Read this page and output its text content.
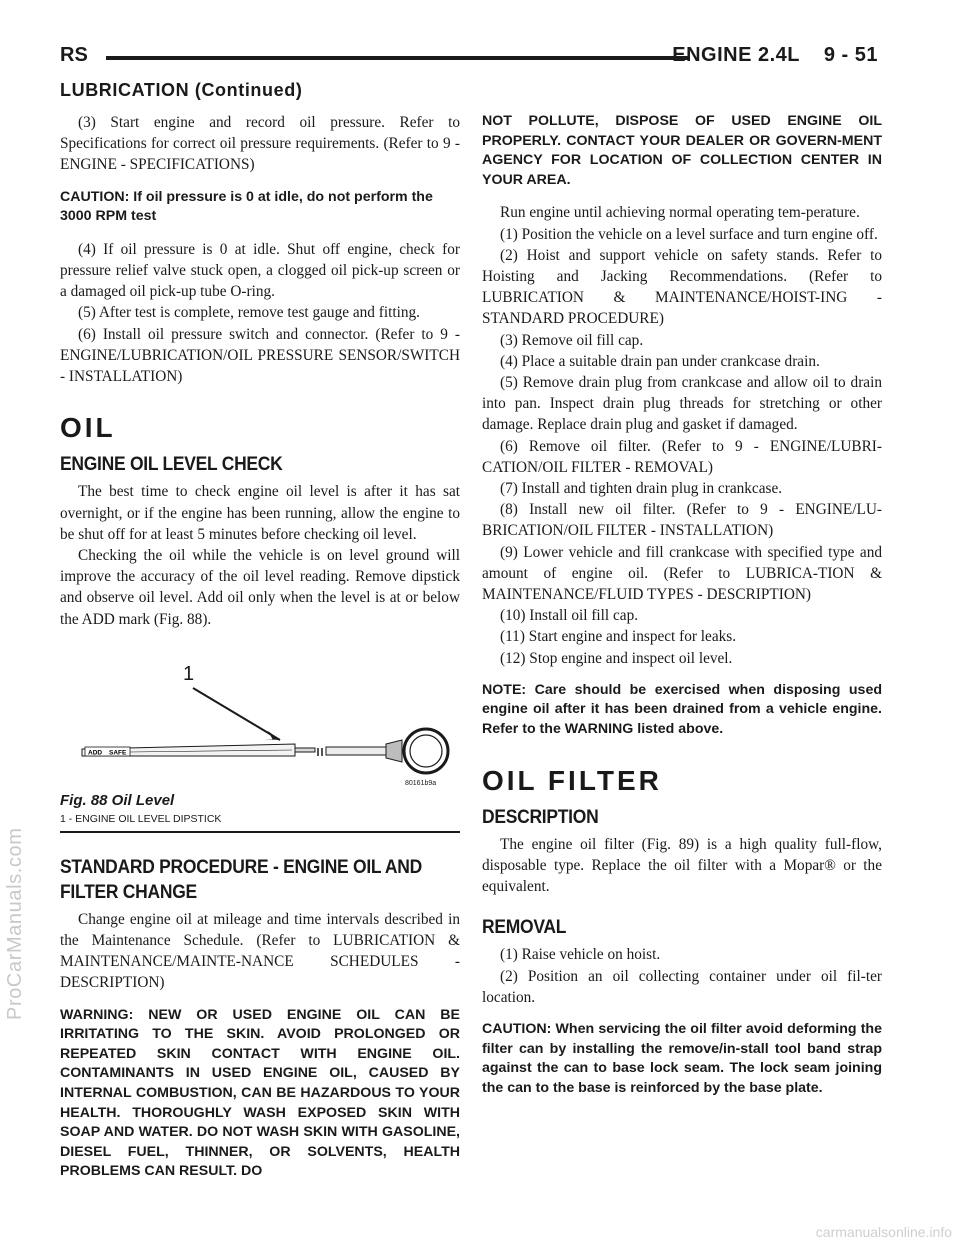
RS	ENGINE 2.4L    9 - 51
LUBRICATION (Continued)

(3) Start engine and record oil pressure. Refer to Specifications for correct oil pressure requirements. (Refer to 9 - ENGINE - SPECIFICATIONS)

CAUTION: If oil pressure is 0 at idle, do not perform the 3000 RPM test

(4) If oil pressure is 0 at idle. Shut off engine, check for pressure relief valve stuck open, a clogged oil pick-up screen or a damaged oil pick-up tube O-ring.

(5) After test is complete, remove test gauge and fitting.

(6) Install oil pressure switch and connector. (Refer to 9 - ENGINE/LUBRICATION/OIL PRESSURE SENSOR/SWITCH - INSTALLATION)

OIL
ENGINE OIL LEVEL CHECK

The best time to check engine oil level is after it has sat overnight, or if the engine has been running, allow the engine to be shut off for at least 5 minutes before checking oil level.

Checking the oil while the vehicle is on level ground will improve the accuracy of the oil level reading. Remove dipstick and observe oil level. Add oil only when the level is at or below the ADD mark (Fig. 88).

1
ADD SAFE
80161b9a
Fig. 88 Oil Level
1 - ENGINE OIL LEVEL DIPSTICK
STANDARD PROCEDURE - ENGINE OIL AND FILTER CHANGE

Change engine oil at mileage and time intervals described in the Maintenance Schedule. (Refer to LUBRICATION & MAINTENANCE/MAINTE-NANCE SCHEDULES - DESCRIPTION)

WARNING: NEW OR USED ENGINE OIL CAN BE IRRITATING TO THE SKIN. AVOID PROLONGED OR REPEATED SKIN CONTACT WITH ENGINE OIL. CONTAMINANTS IN USED ENGINE OIL, CAUSED BY INTERNAL COMBUSTION, CAN BE HAZARDOUS TO YOUR HEALTH. THOROUGHLY WASH EXPOSED SKIN WITH SOAP AND WATER. DO NOT WASH SKIN WITH GASOLINE, DIESEL FUEL, THINNER, OR SOLVENTS, HEALTH PROBLEMS CAN RESULT. DO

NOT POLLUTE, DISPOSE OF USED ENGINE OIL PROPERLY. CONTACT YOUR DEALER OR GOVERN-MENT AGENCY FOR LOCATION OF COLLECTION CENTER IN YOUR AREA.

Run engine until achieving normal operating tem-perature.

(1) Position the vehicle on a level surface and turn engine off.

(2) Hoist and support vehicle on safety stands. Refer to Hoisting and Jacking Recommendations. (Refer to LUBRICATION & MAINTENANCE/HOIST-ING - STANDARD PROCEDURE)

(3) Remove oil fill cap.

(4) Place a suitable drain pan under crankcase drain.

(5) Remove drain plug from crankcase and allow oil to drain into pan. Inspect drain plug threads for stretching or other damage. Replace drain plug and gasket if damaged.

(6) Remove oil filter. (Refer to 9 - ENGINE/LUBRI-CATION/OIL FILTER - REMOVAL)

(7) Install and tighten drain plug in crankcase.

(8) Install new oil filter. (Refer to 9 - ENGINE/LU-BRICATION/OIL FILTER - INSTALLATION)

(9) Lower vehicle and fill crankcase with specified type and amount of engine oil. (Refer to LUBRICA-TION & MAINTENANCE/FLUID TYPES - DESCRIPTION)

(10) Install oil fill cap.

(11) Start engine and inspect for leaks.

(12) Stop engine and inspect oil level.

NOTE: Care should be exercised when disposing used engine oil after it has been drained from a vehicle engine. Refer to the WARNING listed above.

OIL FILTER
DESCRIPTION

The engine oil filter (Fig. 89) is a high quality full-flow, disposable type. Replace the oil filter with a Mopar® or the equivalent.

REMOVAL

(1) Raise vehicle on hoist.

(2) Position an oil collecting container under oil fil-ter location.

CAUTION: When servicing the oil filter avoid deforming the filter can by installing the remove/in-stall tool band strap against the can to base lock seam. The lock seam joining the can to the base is reinforced by the base plate.

ProCarManuals.com
carmanualsonline.info
